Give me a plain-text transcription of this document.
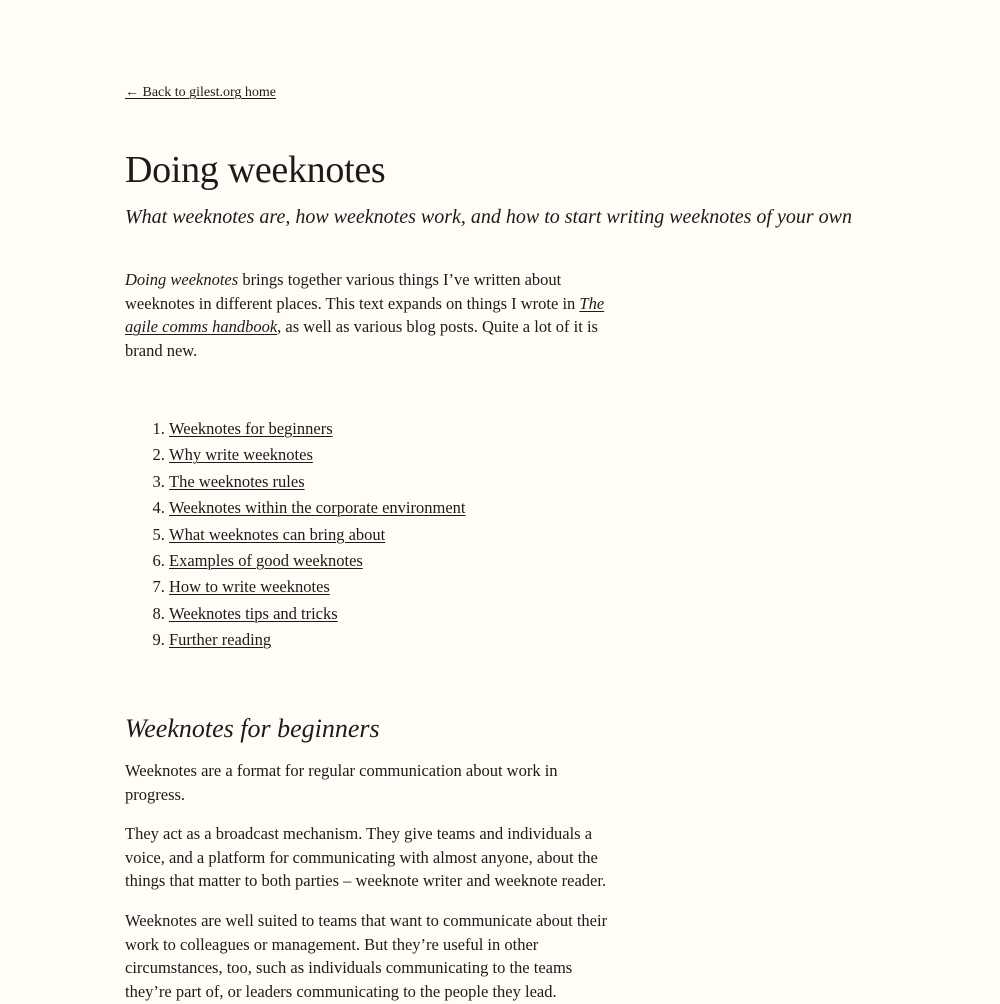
← Back to gilest.org home
Doing weeknotes
What weeknotes are, how weeknotes work, and how to start writing weeknotes of your own

Doing weeknotes brings together various things I’ve written about weeknotes in different places. This text expands on things I wrote in The agile comms handbook, as well as various blog posts. Quite a lot of it is brand new.

1. Weeknotes for beginners
2. Why write weeknotes
3. The weeknotes rules
4. Weeknotes within the corporate environment
5. What weeknotes can bring about
6. Examples of good weeknotes
7. How to write weeknotes
8. Weeknotes tips and tricks
9. Further reading
Weeknotes for beginners

Weeknotes are a format for regular communication about work in progress.

They act as a broadcast mechanism. They give teams and individuals a voice, and a platform for communicating with almost anyone, about the things that matter to both parties – weeknote writer and weeknote reader.

Weeknotes are well suited to teams that want to communicate about their work to colleagues or management. But they’re useful in other circumstances, too, such as individuals communicating to the teams they’re part of, or leaders communicating to the people they lead.
